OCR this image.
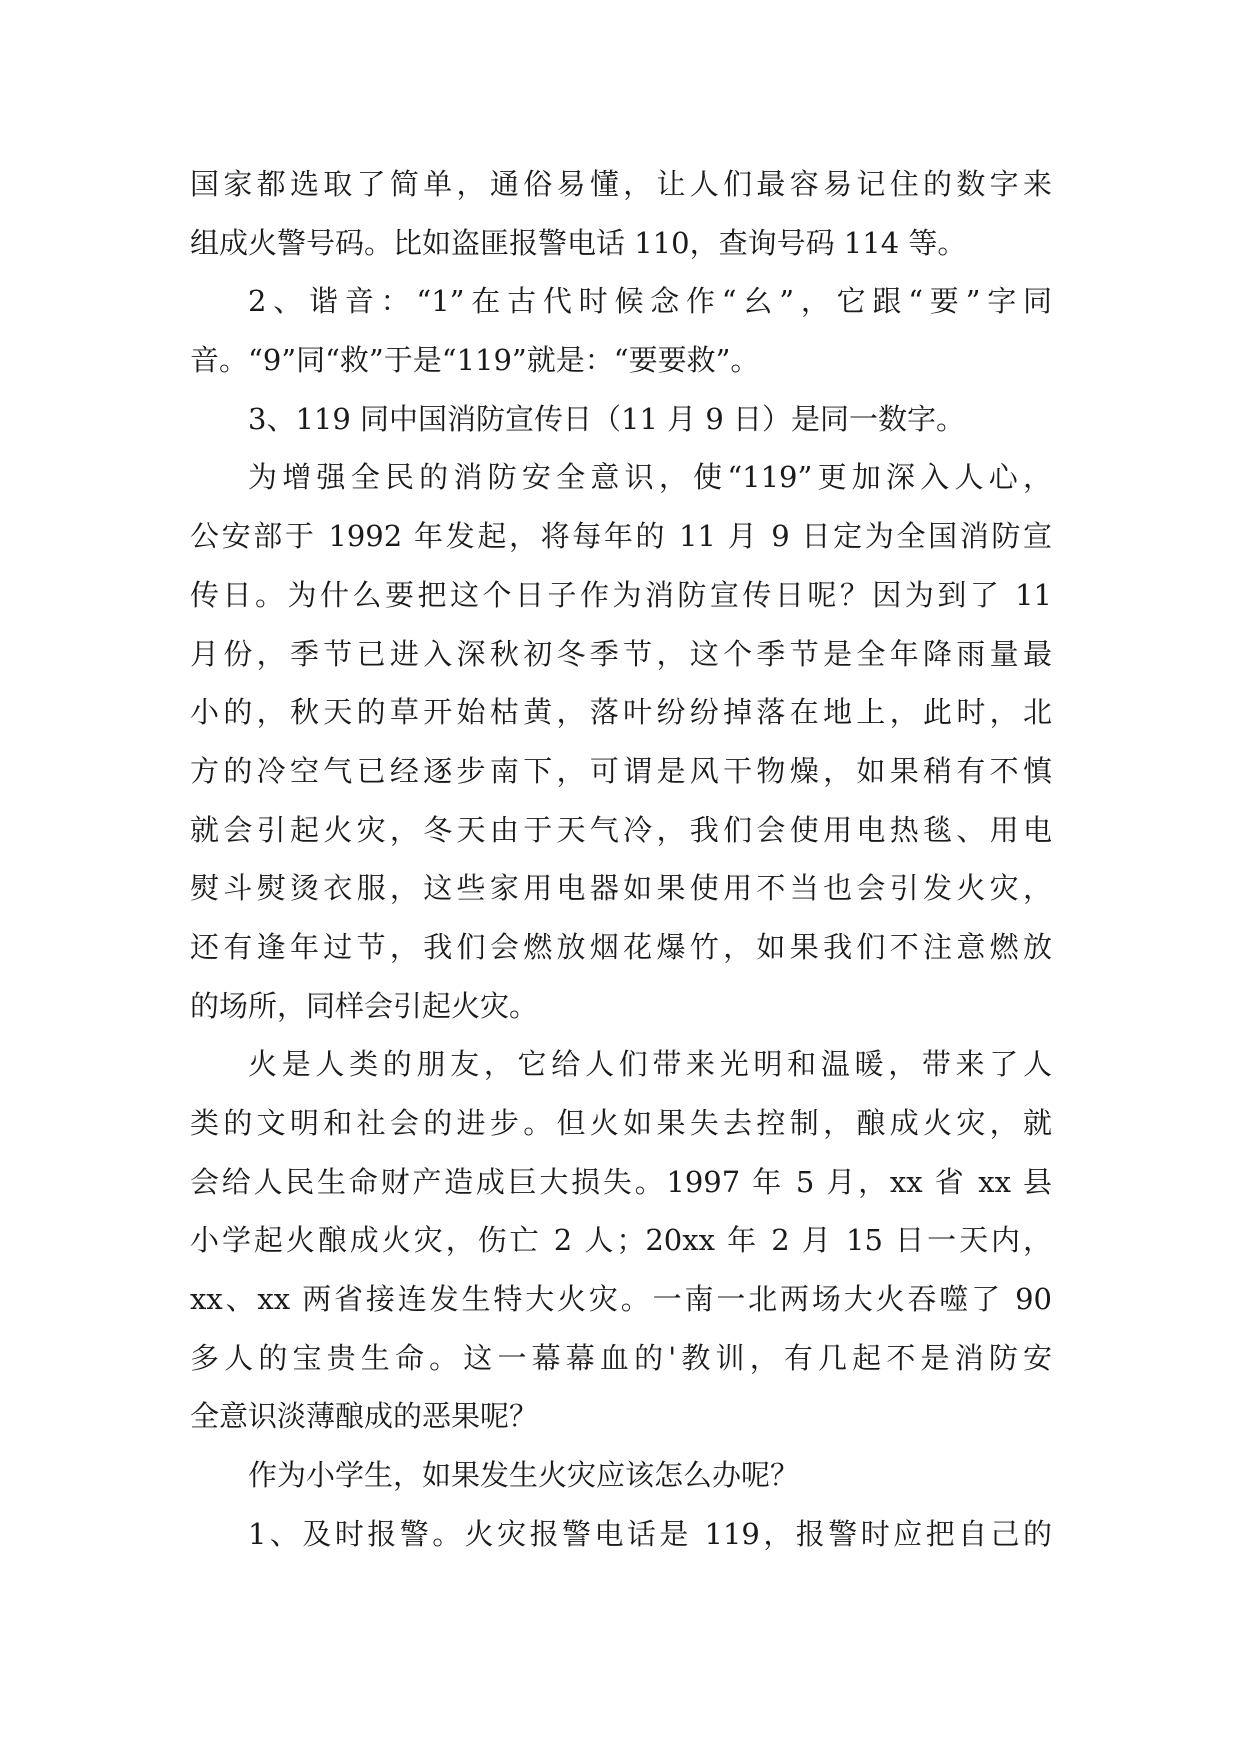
国家都选取了简单，通俗易懂，让人们最容易记住的数字来
组成火警号码。比如盗匪报警电话 110，查询号码 114 等。
2、谐音：“1”在古代时候念作“幺”，它跟“要”字同
音。“9”同“救”于是“119”就是：“要要救”。
3、119 同中国消防宣传日（11 月 9 日）是同一数字。
为增强全民的消防安全意识，使“119”更加深入人心，
公安部于 1992 年发起，将每年的 11 月 9 日定为全国消防宣
传日。为什么要把这个日子作为消防宣传日呢？因为到了 11
月份，季节已进入深秋初冬季节，这个季节是全年降雨量最
小的，秋天的草开始枯黄，落叶纷纷掉落在地上，此时，北
方的冷空气已经逐步南下，可谓是风干物燥，如果稍有不慎
就会引起火灾，冬天由于天气冷，我们会使用电热毯、用电
熨斗熨烫衣服，这些家用电器如果使用不当也会引发火灾，
还有逢年过节，我们会燃放烟花爆竹，如果我们不注意燃放
的场所，同样会引起火灾。
火是人类的朋友，它给人们带来光明和温暖，带来了人
类的文明和社会的进步。但火如果失去控制，酿成火灾，就
会给人民生命财产造成巨大损失。1997 年 5 月，xx 省 xx 县
小学起火酿成火灾，伤亡 2 人；20xx 年 2 月 15 日一天内，
xx、xx 两省接连发生特大火灾。一南一北两场大火吞噬了 90
多人的宝贵生命。这一幕幕血的'教训，有几起不是消防安
全意识淡薄酿成的恶果呢？
作为小学生，如果发生火灾应该怎么办呢？
1、及时报警。火灾报警电话是 119，报警时应把自己的
